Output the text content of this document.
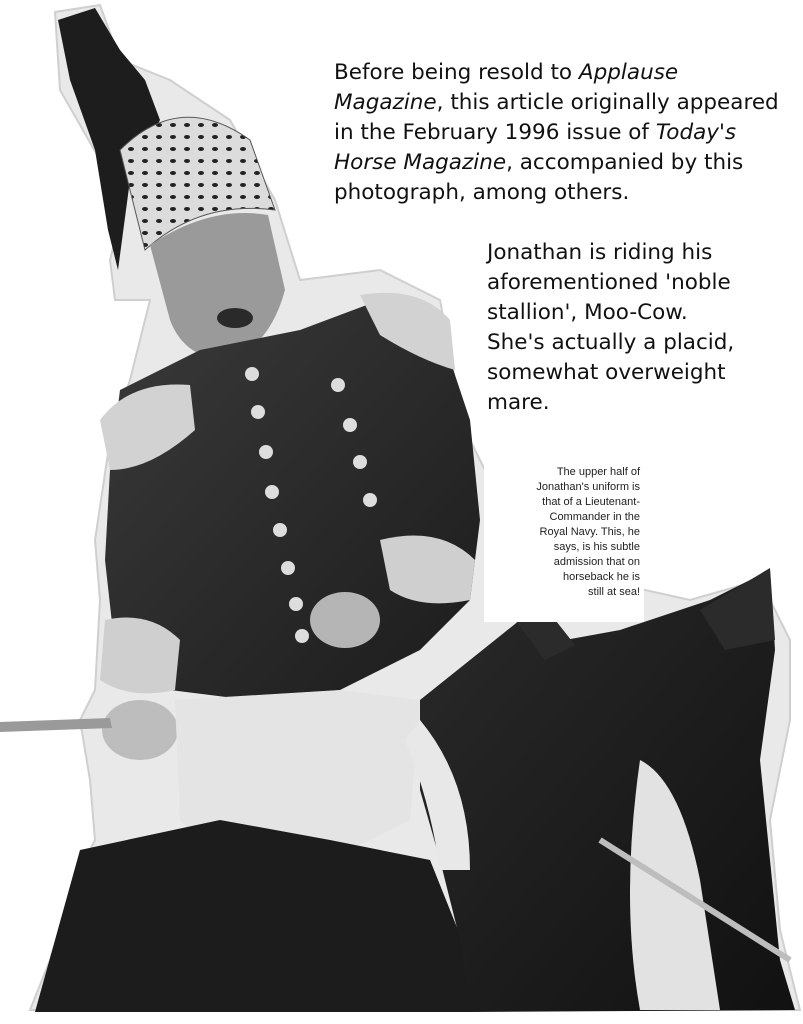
Before being resold to Applause Magazine, this article originally appeared in the February 1996 issue of Today's Horse Magazine, accompanied by this photograph, among others.
Jonathan is riding his
aforementioned 'noble
stallion', Moo-Cow.
She's actually a placid,
somewhat overweight
mare.
The upper half of
Jonathan's uniform is
that of a Lieutenant-
Commander in the
Royal Navy. This, he
says, is his subtle
admission that on
horseback he is
still at sea!
